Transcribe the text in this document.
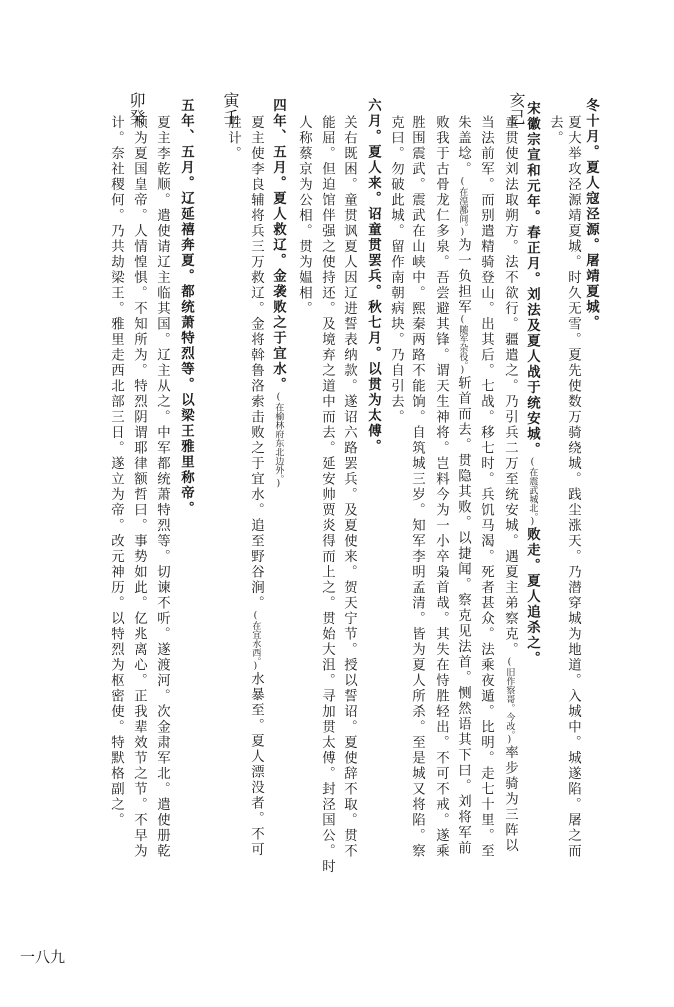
亥己
寅壬
卯癸	冬十月。夏人寇泾源。屠靖夏城。
夏大举攻泾源靖夏城。时久无雪。夏先使数万骑绕城。践尘涨天。乃潜穿城为地道。入城中。城遂陷。屠之而
去。
宋徽宗宣和元年。春正月。刘法及夏人战于统安城。(在震武城北。)败走。夏人追杀之。
童贯使刘法取朔方。法不欲行。疆遣之。乃引兵二万至统安城。遇夏主弟察克。(旧作察哥。今改。)率步骑为三阵以
当法前军。而别遣精骑登山。出其后。七战。移七时。兵饥马渴。死者甚众。法乘夜遁。比明。走七十里。至
朱盖埝。(在湟鄯间。)为一负担军(随军杂役。)斩首而去。贯隐其败。以捷闻。察克见法首。恻然语其下曰。刘将军前
败我于古骨龙仁多泉。吾尝避其锋。谓天生神将。岂料今为一小卒枭首哉。其失在恃胜轻出。不可不戒。遂乘
胜围震武。震武在山峡中。熙秦两路不能饷。自筑城三岁。知军李明孟清。皆为夏人所杀。至是城又将陷。察
克曰。勿破此城。留作南朝病块。乃自引去。
六月。夏人来。诏童贯罢兵。秋七月。以贯为太傅。
关右既困。童贯讽夏人因辽进誓表纳款。遂诏六路罢兵。及夏使来。贺天宁节。授以誓诏。夏使辞不取。贯不
能屈。但迫馆伴强之使持还。及境弃之道中而去。延安帅贾炎得而上之。贯始大沮。寻加贯太傅。封泾国公。时
人称蔡京为公相。贯为媪相。
四年、五月。夏人救辽。金袭败之于宜水。(在榆林府东北边外。)
夏主使李良辅将兵三万救辽。金将斡鲁洛索击败之于宜水。追至野谷涧。(在宜水西。)水暴至。夏人漂没者。不可
胜计。
五年、五月。辽延禧奔夏。都统萧特烈等。以梁王雅里称帝。
夏主李乾顺。遣使请辽主临其国。辽主从之。中军都统萧特烈等。切谏不听。遂渡河。次金肃军北。遣使册乾
顺为夏国皇帝。人情惶惧。不知所为。特烈阴谓耶律额哲曰。事势如此。亿兆离心。正我辈效节之节。不早为
计。奈社稷何。乃共劫梁王。雅里走西北部三日。遂立为帝。改元神历。以特烈为枢密使。特默格副之。
一八九
